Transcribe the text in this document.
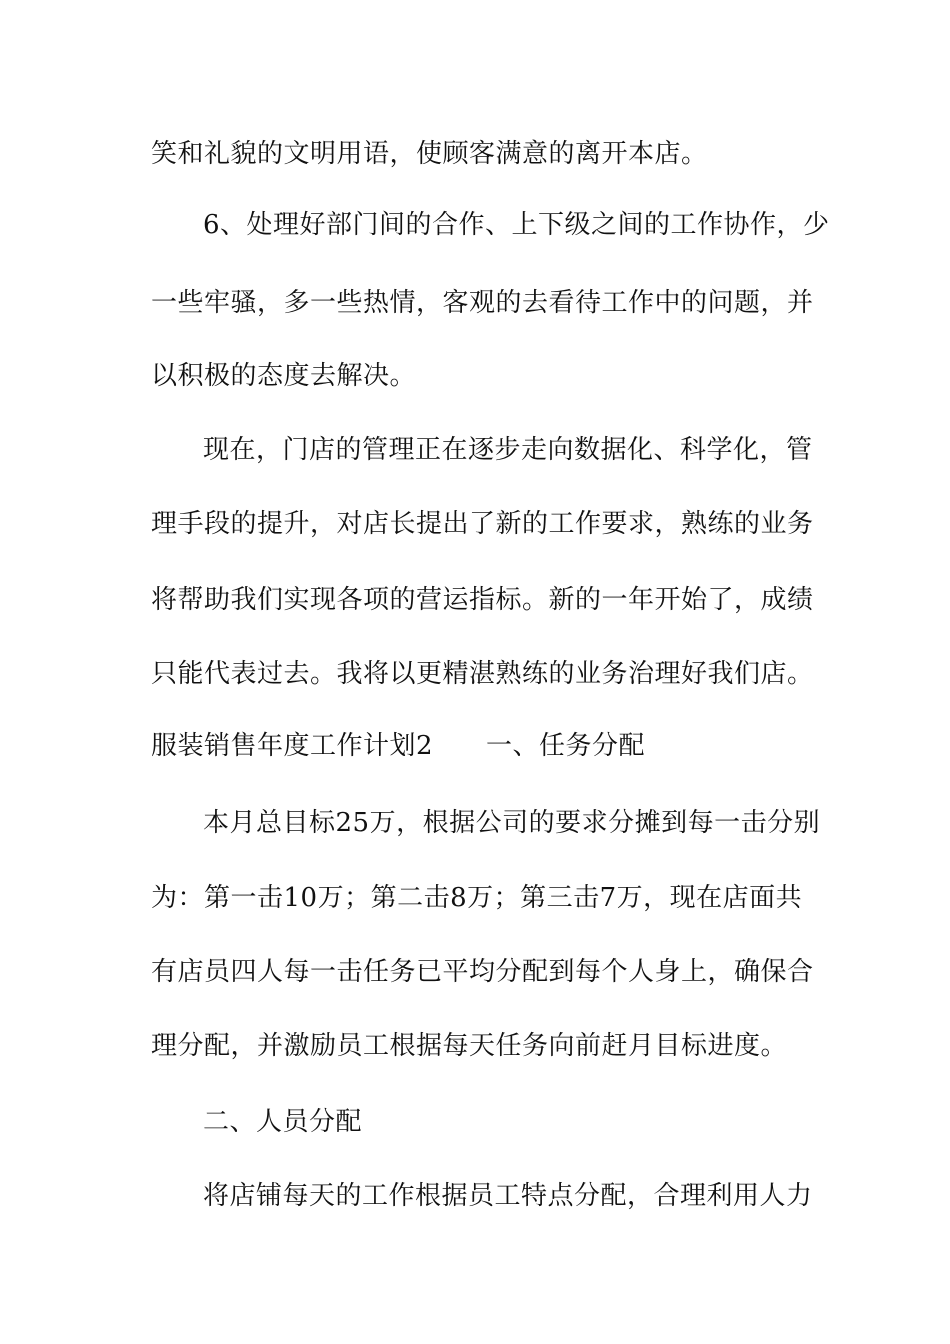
笑和礼貌的文明用语，使顾客满意的离开本店。
6、处理好部门间的合作、上下级之间的工作协作，少
一些牢骚，多一些热情，客观的去看待工作中的问题，并
以积极的态度去解决。
现在，门店的管理正在逐步走向数据化、科学化，管
理手段的提升，对店长提出了新的工作要求，熟练的业务
将帮助我们实现各项的营运指标。新的一年开始了，成绩
只能代表过去。我将以更精湛熟练的业务治理好我们店。
服装销售年度工作计划2　　一、任务分配
本月总目标25万，根据公司的要求分摊到每一击分别
为：第一击10万；第二击8万；第三击7万，现在店面共
有店员四人每一击任务已平均分配到每个人身上，确保合
理分配，并激励员工根据每天任务向前赶月目标进度。
二、人员分配
将店铺每天的工作根据员工特点分配，合理利用人力
